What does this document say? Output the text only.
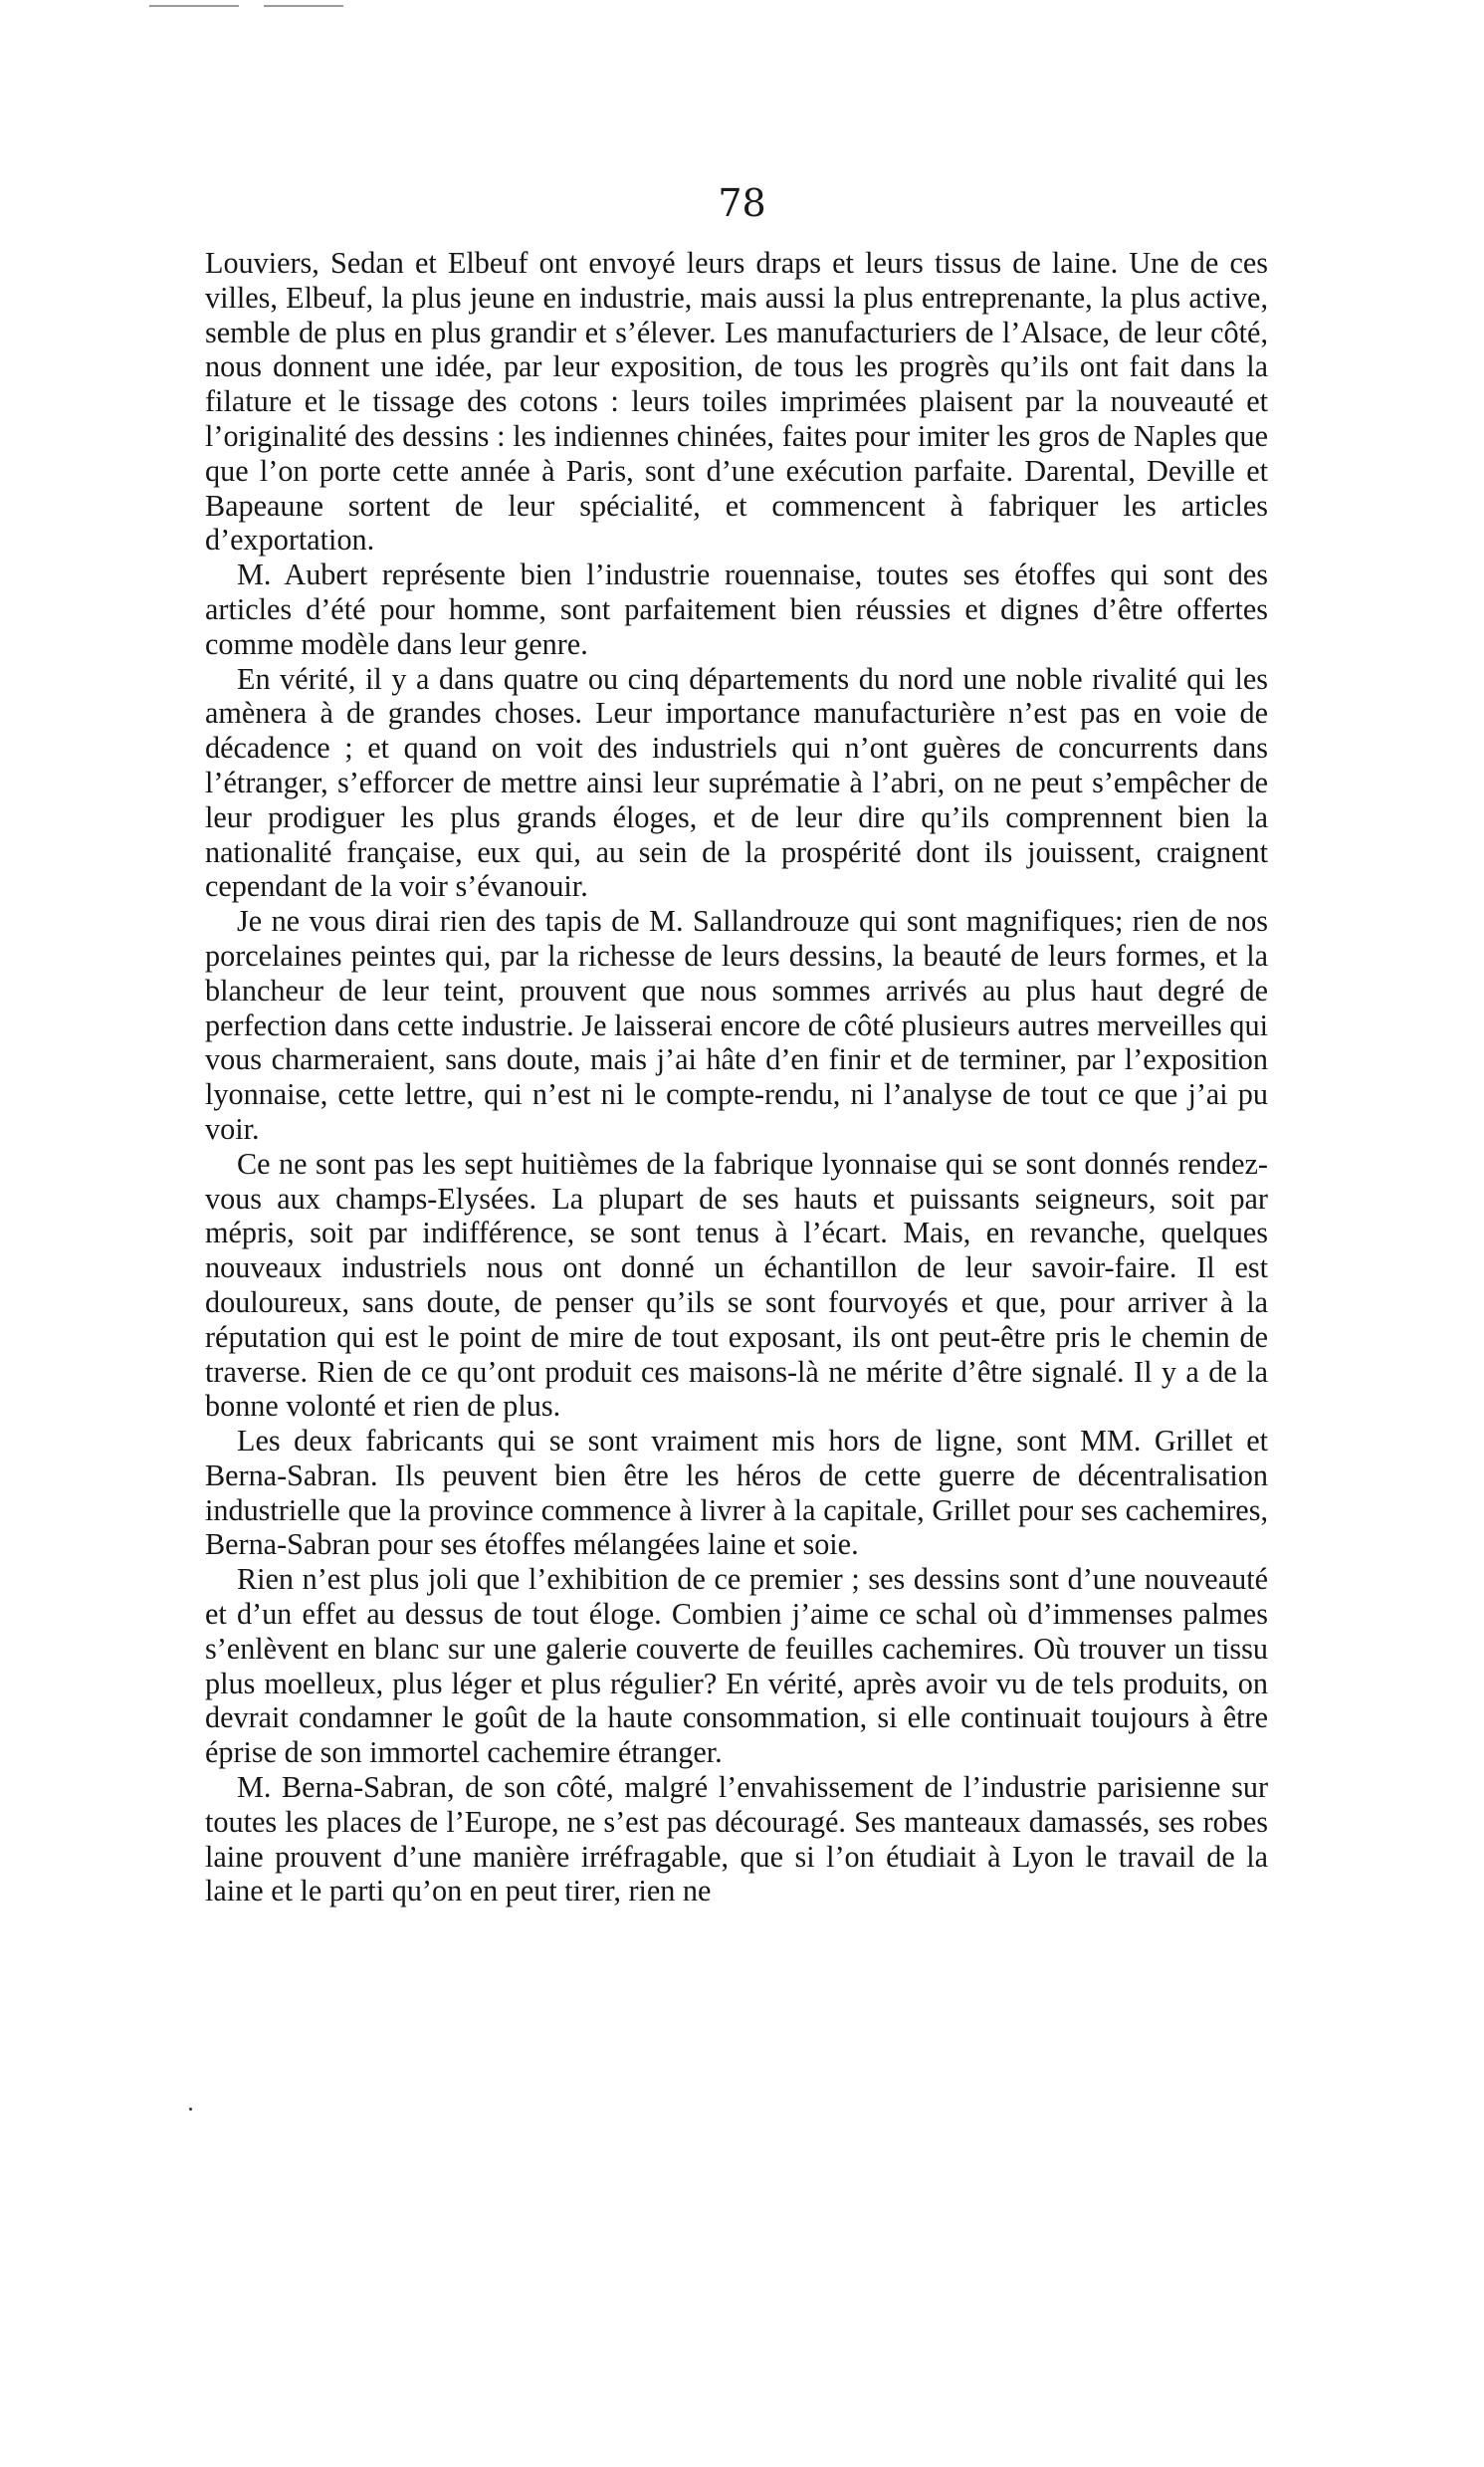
78

Louviers, Sedan et Elbeuf ont envoyé leurs draps et leurs tissus de laine. Une de ces villes, Elbeuf, la plus jeune en industrie, mais aussi la plus entreprenante, la plus active, semble de plus en plus grandir et s’élever. Les manufacturiers de l’Alsace, de leur côté, nous donnent une idée, par leur exposition, de tous les progrès qu’ils ont fait dans la filature et le tissage des cotons : leurs toiles imprimées plaisent par la nouveauté et l’originalité des dessins : les indiennes chinées, faites pour imiter les gros de Naples que que l’on porte cette année à Paris, sont d’une exécution parfaite. Darental, Deville et Bapeaune sortent de leur spécialité, et commencent à fabriquer les articles d’exportation.

M. Aubert représente bien l’industrie rouennaise, toutes ses étoffes qui sont des articles d’été pour homme, sont parfaitement bien réussies et dignes d’être offertes comme modèle dans leur genre.

En vérité, il y a dans quatre ou cinq départements du nord une noble rivalité qui les amènera à de grandes choses. Leur importance manufacturière n’est pas en voie de décadence ; et quand on voit des industriels qui n’ont guères de concurrents dans l’étranger, s’efforcer de mettre ainsi leur suprématie à l’abri, on ne peut s’empêcher de leur prodiguer les plus grands éloges, et de leur dire qu’ils comprennent bien la nationalité française, eux qui, au sein de la prospérité dont ils jouissent, craignent cependant de la voir s’évanouir.

Je ne vous dirai rien des tapis de M. Sallandrouze qui sont magnifiques; rien de nos porcelaines peintes qui, par la richesse de leurs dessins, la beauté de leurs formes, et la blancheur de leur teint, prouvent que nous sommes arrivés au plus haut degré de perfection dans cette industrie. Je laisserai encore de côté plusieurs autres merveilles qui vous charmeraient, sans doute, mais j’ai hâte d’en finir et de terminer, par l’exposition lyonnaise, cette lettre, qui n’est ni le compte-rendu, ni l’analyse de tout ce que j’ai pu voir.

Ce ne sont pas les sept huitièmes de la fabrique lyonnaise qui se sont donnés rendez-vous aux champs-Elysées. La plupart de ses hauts et puissants seigneurs, soit par mépris, soit par indifférence, se sont tenus à l’écart. Mais, en revanche, quelques nouveaux industriels nous ont donné un échantillon de leur savoir-faire. Il est douloureux, sans doute, de penser qu’ils se sont fourvoyés et que, pour arriver à la réputation qui est le point de mire de tout exposant, ils ont peut-être pris le chemin de traverse. Rien de ce qu’ont produit ces maisons-là ne mérite d’être signalé. Il y a de la bonne volonté et rien de plus.

Les deux fabricants qui se sont vraiment mis hors de ligne, sont MM. Grillet et Berna-Sabran. Ils peuvent bien être les héros de cette guerre de décentralisation industrielle que la province commence à livrer à la capitale, Grillet pour ses cachemires, Berna-Sabran pour ses étoffes mélangées laine et soie.

Rien n’est plus joli que l’exhibition de ce premier ; ses dessins sont d’une nouveauté et d’un effet au dessus de tout éloge. Combien j’aime ce schal où d’immenses palmes s’enlèvent en blanc sur une galerie couverte de feuilles cachemires. Où trouver un tissu plus moelleux, plus léger et plus régulier? En vérité, après avoir vu de tels produits, on devrait condamner le goût de la haute consommation, si elle continuait toujours à être éprise de son immortel cachemire étranger.

M. Berna-Sabran, de son côté, malgré l’envahissement de l’industrie parisienne sur toutes les places de l’Europe, ne s’est pas découragé. Ses manteaux damassés, ses robes laine prouvent d’une manière irréfragable, que si l’on étudiait à Lyon le travail de la laine et le parti qu’on en peut tirer, rien ne
